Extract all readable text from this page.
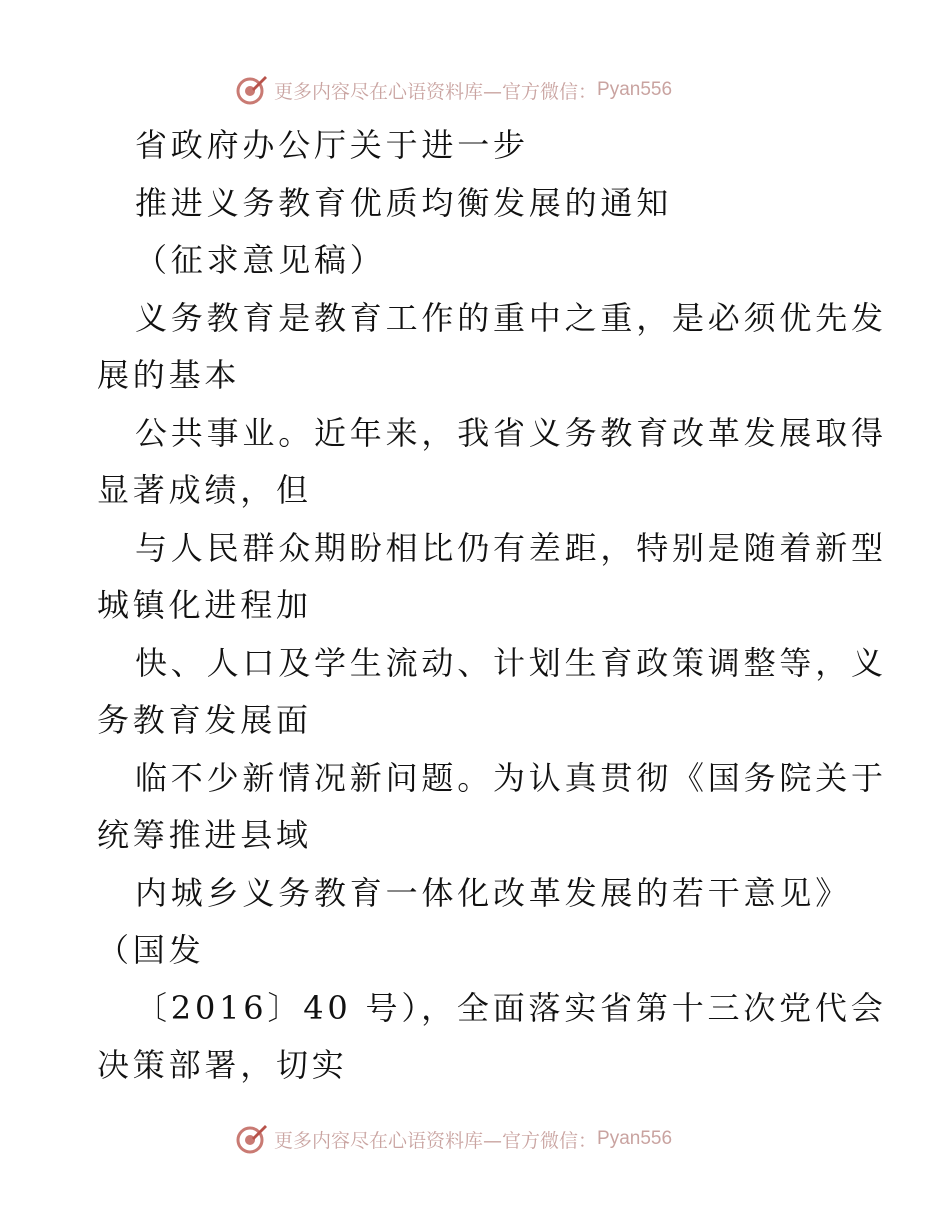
更多内容尽在心语资料库—官方微信： Pyan556
省政府办公厅关于进一步
推进义务教育优质均衡发展的通知
（征求意见稿）
义务教育是教育工作的重中之重，是必须优先发
展的基本
公共事业。近年来，我省义务教育改革发展取得
显著成绩，但
与人民群众期盼相比仍有差距，特别是随着新型
城镇化进程加
快、人口及学生流动、计划生育政策调整等，义
务教育发展面
临不少新情况新问题。为认真贯彻《国务院关于
统筹推进县域
内城乡义务教育一体化改革发展的若干意见》
（国发
〔2016〕40 号），全面落实省第十三次党代会
决策部署，切实
更多内容尽在心语资料库—官方微信： Pyan556
